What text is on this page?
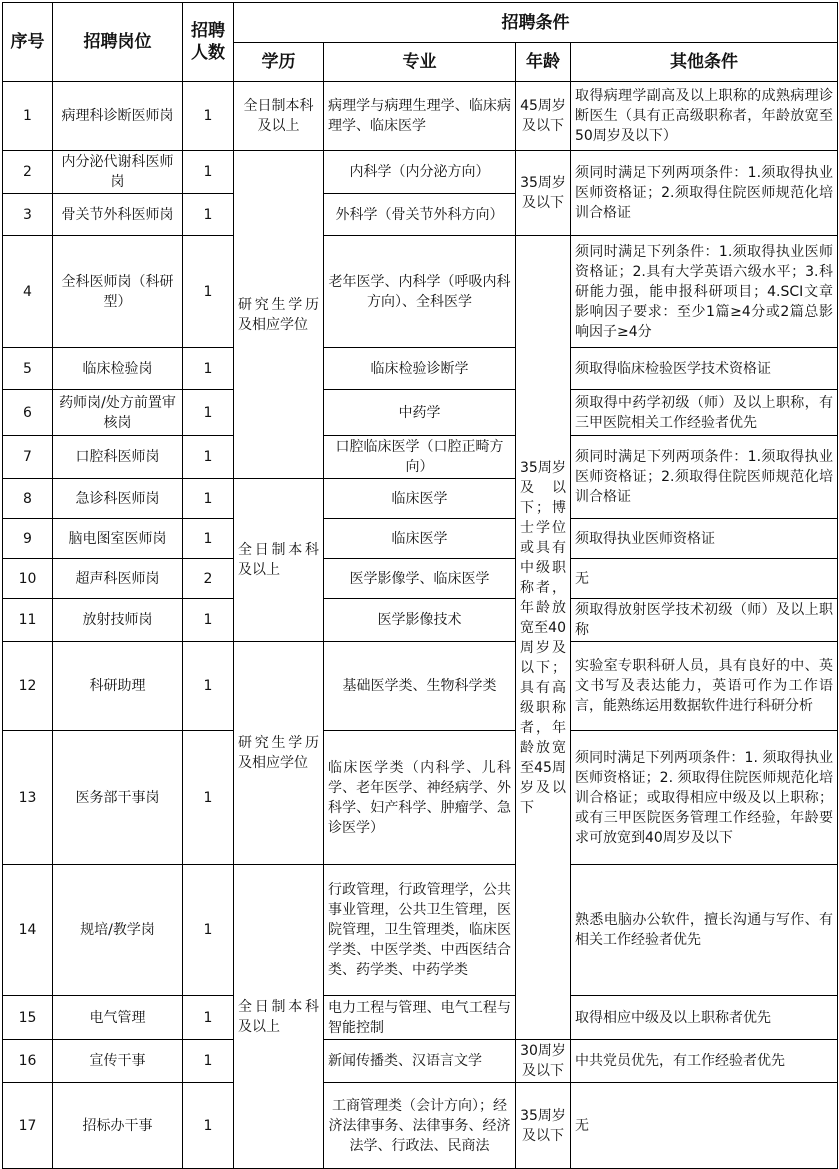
序号	招聘岗位	招聘人数	招聘条件			
			学历	专业	年龄	其他条件
1	病理科诊断医师岗	1	全日制本科及以上	病理学与病理生理学、临床病理学、临床医学	45周岁及以下	取得病理学副高及以上职称的成熟病理诊断医生（具有正高级职称者，年龄放宽至50周岁及以下）
2	内分泌代谢科医师岗	1	研究生学历及相应学位	内科学（内分泌方向）	35周岁及以下	须同时满足下列两项条件：1.须取得执业医师资格证；2.须取得住院医师规范化培训合格证
3	骨关节外科医师岗	1		外科学（骨关节外科方向）		
4	全科医师岗（科研型）	1		老年医学、内科学（呼吸内科方向）、全科医学	35周岁及以下；博士学位或具有中级职称者，年龄放宽至40周岁及以下；具有高级职称者，年龄放宽至45周岁及以下	须同时满足下列条件：1.须取得执业医师资格证；2.具有大学英语六级水平；3.科研能力强，能申报科研项目；4.SCI文章影响因子要求：至少1篇≥4分或2篇总影响因子≥4分
5	临床检验岗	1		临床检验诊断学		须取得临床检验医学技术资格证
6	药师岗/处方前置审核岗	1		中药学		须取得中药学初级（师）及以上职称，有三甲医院相关工作经验者优先
7	口腔科医师岗	1		口腔临床医学（口腔正畸方向）		须同时满足下列两项条件：1.须取得执业医师资格证；2.须取得住院医师规范化培训合格证
8	急诊科医师岗	1	全日制本科及以上	临床医学		
9	脑电图室医师岗	1		临床医学		须取得执业医师资格证
10	超声科医师岗	2		医学影像学、临床医学		无
11	放射技师岗	1		医学影像技术		须取得放射医学技术初级（师）及以上职称
12	科研助理	1	研究生学历及相应学位	基础医学类、生物科学类		实验室专职科研人员，具有良好的中、英文书写及表达能力，英语可作为工作语言，能熟练运用数据软件进行科研分析
13	医务部干事岗	1		临床医学类（内科学、儿科学、老年医学、神经病学、外科学、妇产科学、肿瘤学、急诊医学）		须同时满足下列两项条件：1. 须取得执业医师资格证；2. 须取得住院医师规范化培训合格证；或取得相应中级及以上职称；或有三甲医院医务管理工作经验，年龄要求可放宽到40周岁及以下
14	规培/教学岗	1	全日制本科及以上	行政管理，行政管理学，公共事业管理，公共卫生管理，医院管理，卫生管理类，临床医学类、中医学类、中西医结合类、药学类、中药学类		熟悉电脑办公软件，擅长沟通与写作、有相关工作经验者优先
15	电气管理	1		电力工程与管理、电气工程与智能控制		取得相应中级及以上职称者优先
16	宣传干事	1		新闻传播类、汉语言文学	30周岁及以下	中共党员优先，有工作经验者优先
17	招标办干事	1		工商管理类（会计方向）；经济法律事务、法律事务、经济法学、行政法、民商法	35周岁及以下	无
